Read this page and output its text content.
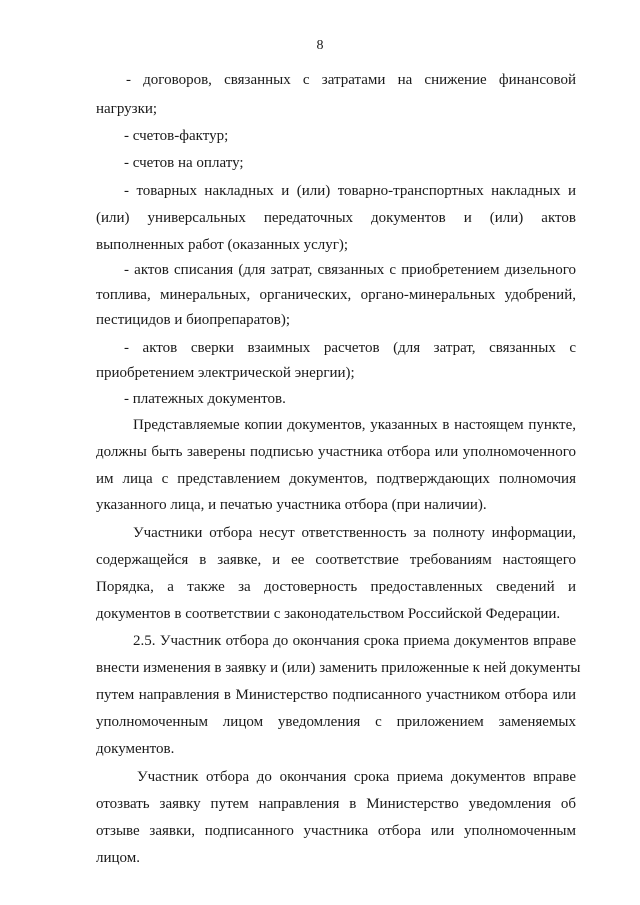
8
- договоров, связанных с затратами на снижение финансовой
нагрузки;
- счетов-фактур;
- счетов на оплату;
- товарных накладных и (или) товарно-транспортных накладных и
(или) универсальных передаточных документов и (или) актов
выполненных работ (оказанных услуг);
- актов списания (для затрат, связанных с приобретением дизельного
топлива, минеральных, органических, органо-минеральных удобрений,
пестицидов и биопрепаратов);
- актов сверки взаимных расчетов (для затрат, связанных с
приобретением электрической энергии);
- платежных документов.
Представляемые копии документов, указанных в настоящем пункте,
должны быть заверены подписью участника отбора или уполномоченного
им лица с представлением документов, подтверждающих полномочия
указанного лица, и печатью участника отбора (при наличии).
Участники отбора несут ответственность за полноту информации,
содержащейся в заявке, и ее соответствие требованиям настоящего
Порядка, а также за достоверность предоставленных сведений и
документов в соответствии с законодательством Российской Федерации.
2.5. Участник отбора до окончания срока приема документов вправе
внести изменения в заявку и (или) заменить приложенные к ней документы
путем направления в Министерство подписанного участником отбора или
уполномоченным лицом уведомления с приложением заменяемых
документов.
Участник отбора до окончания срока приема документов вправе
отозвать заявку путем направления в Министерство уведомления об
отзыве заявки, подписанного участника отбора или уполномоченным
лицом.
